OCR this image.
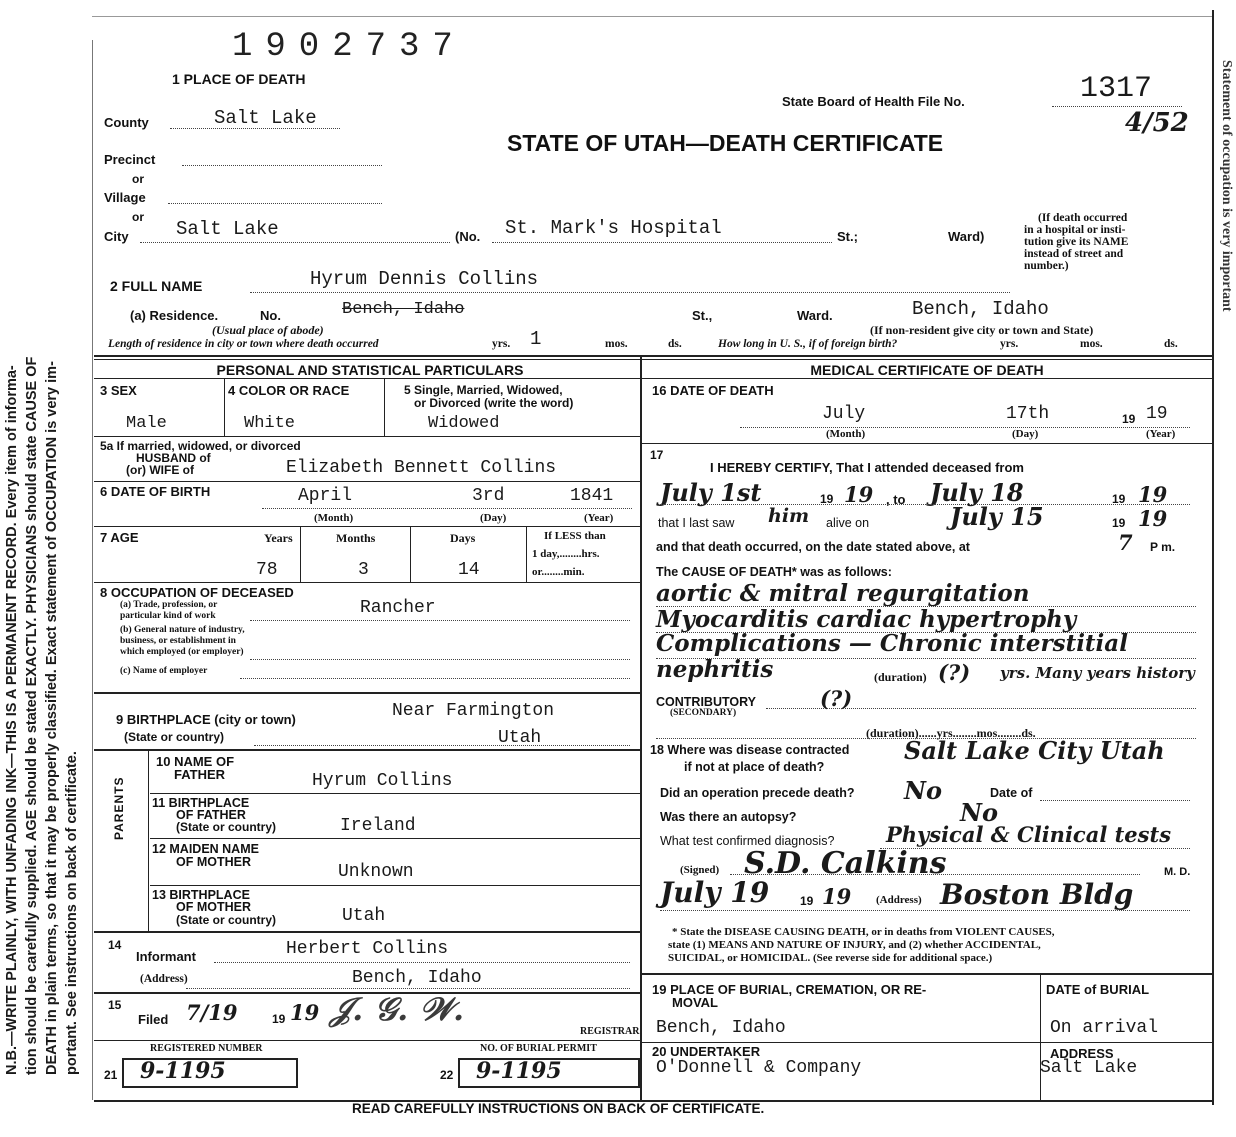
N.B.—WRITE PLAINLY, WITH UNFADING INK—THIS IS A PERMANENT RECORD. Every item of informa- tion should be carefully supplied. AGE should be stated EXACTLY. PHYSICIANS should state CAUSE OF DEATH in plain terms, so that it may be properly classified. Exact statement of OCCUPATION is very im- portant. See instructions on back of certificate.
Statement of occupation is very important
1902737
1 PLACE OF DEATH
State Board of Health File No.	1317
4/52
STATE OF UTAH—DEATH CERTIFICATE
County	Salt Lake
Precinct
or
Village
or
City Salt Lake	(No. St. Mark's Hospital	St.;	Ward)
(If death occurred
in a hospital or insti-
tution give its NAME
instead of street and
number.)
2 FULL NAME	Hyrum Dennis Collins
(a) Residence.	No.	Bench, Idaho	St.,	Ward.	Bench, Idaho
(Usual place of abode)	(If non-resident give city or town and State)
Length of residence in city or town where death occurred	yrs. 1	mos.	ds.	How long in U. S., if of foreign birth?	yrs.	mos.	ds.
PERSONAL AND STATISTICAL PARTICULARS	MEDICAL CERTIFICATE OF DEATH
3 SEX
Male
4 COLOR OR RACE
White
5 Single, Married, Widowed,
or Divorced (write the word)
Widowed
5a If married, widowed, or divorced
HUSBAND of
(or) WIFE of	Elizabeth Bennett Collins
6 DATE OF BIRTH	April	3rd	1841
(Month)	(Day)	(Year)
7 AGE	Years	Months	Days	If LESS than
1 day,........hrs.
or........min.
78	3	14
8 OCCUPATION OF DECEASED
(a) Trade, profession, or
particular kind of work	Rancher
(b) General nature of industry,
business, or establishment in
which employed (or employer)
(c) Name of employer
9 BIRTHPLACE (city or town)	Near Farmington
(State or country)	Utah
PARENTS
10 NAME OF
FATHER	Hyrum Collins
11 BIRTHPLACE
OF FATHER
(State or country)	Ireland
12 MAIDEN NAME
OF MOTHER	Unknown
13 BIRTHPLACE
OF MOTHER
(State or country)	Utah
14
Informant	Herbert Collins
(Address)	Bench, Idaho
15
Filed 7/19	19 19 𝒥. 𝒢. 𝒲.
REGISTRAR
REGISTERED NUMBER	NO. OF BURIAL PERMIT
21 9-1195	22 9-1195
16 DATE OF DEATH
July	17th	19 19
(Month)	(Day)	(Year)
17
I HEREBY CERTIFY, That I attended deceased from
July 1st	19 19 , to July 18	19 19
that I last saw him alive on	July 15	19 19
and that death occurred, on the date stated above, at	7 P m.
The CAUSE OF DEATH* was as follows:
aortic & mitral regurgitation
Myocarditis cardiac hypertrophy
Complications — Chronic interstitial
nephritis	(duration) (?) yrs. Many years history
CONTRIBUTORY
(SECONDARY)
(?)
(duration)......yrs........mos........ds.
18 Where was disease contracted
if not at place of death?
Salt Lake City Utah
Did an operation precede death? No	Date of
Was there an autopsy?	No
What test confirmed diagnosis? Physical & Clinical tests
(Signed) S.D. Calkins	M. D.
July 19	19 19 (Address) Boston Bldg
* State the DISEASE CAUSING DEATH, or in deaths from VIOLENT CAUSES,
state (1) MEANS AND NATURE OF INJURY, and (2) whether ACCIDENTAL,
SUICIDAL, or HOMICIDAL. (See reverse side for additional space.)
19 PLACE OF BURIAL, CREMATION, OR RE-
MOVAL
Bench, Idaho
DATE of BURIAL
On arrival
20 UNDERTAKER
O'Donnell & Company
ADDRESS
Salt Lake
READ CAREFULLY INSTRUCTIONS ON BACK OF CERTIFICATE.
